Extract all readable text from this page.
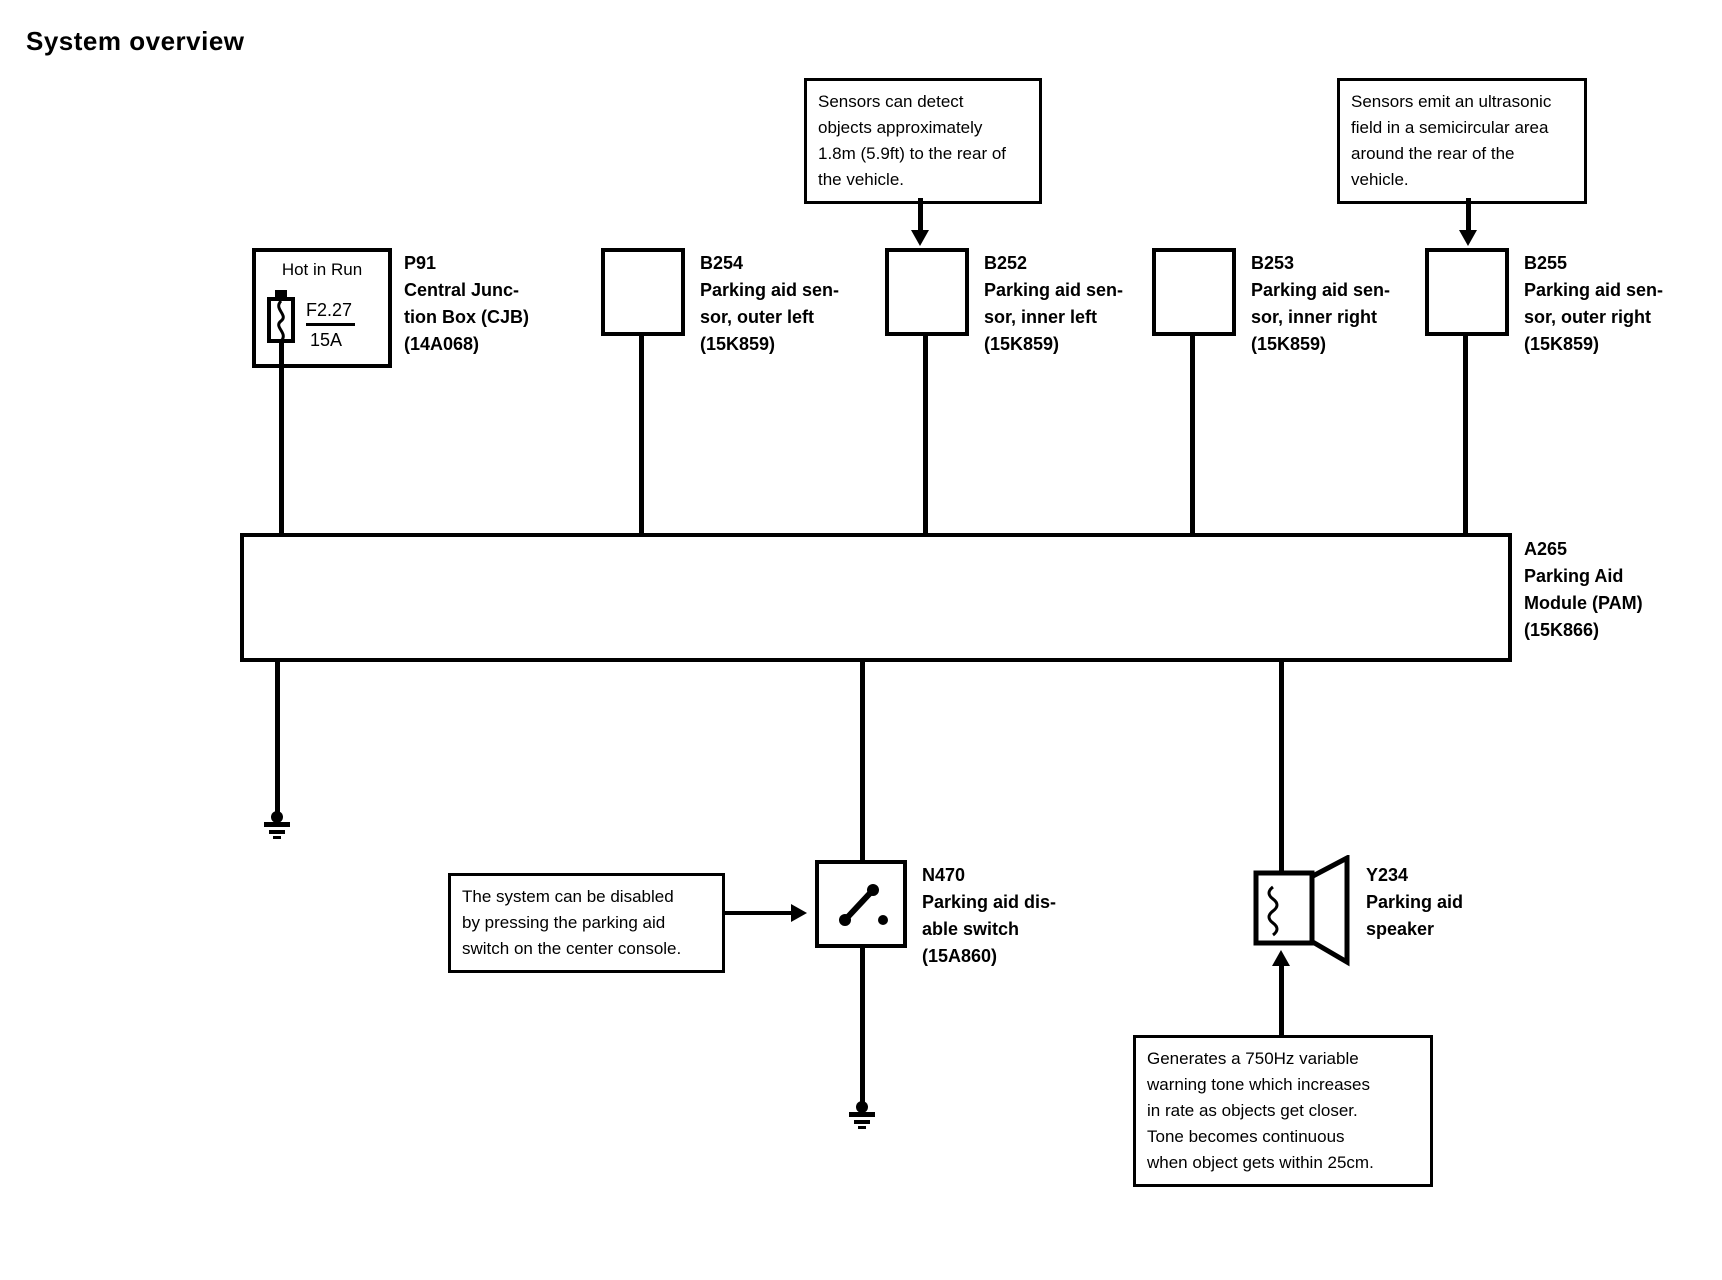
System overview
Sensors can detect
objects approximately
1.8m (5.9ft) to the rear of
the vehicle.
Sensors emit an ultrasonic
field in a semicircular area
around the rear of the
vehicle.
Hot in Run
F2.27
15A
P91
Central Junc-
tion Box (CJB)
(14A068)
B254
Parking aid sen-
sor, outer left
(15K859)
B252
Parking aid sen-
sor, inner left
(15K859)
B253
Parking aid sen-
sor, inner right
(15K859)
B255
Parking aid sen-
sor, outer right
(15K859)
A265
Parking Aid
Module (PAM)
(15K866)
N470
Parking aid dis-
able switch
(15A860)
The system can be disabled
by pressing the parking aid
switch on the center console.
Y234
Parking aid
speaker
Generates a 750Hz variable
warning tone which increases
in rate as objects get closer.
Tone becomes continuous
when object gets within 25cm.
